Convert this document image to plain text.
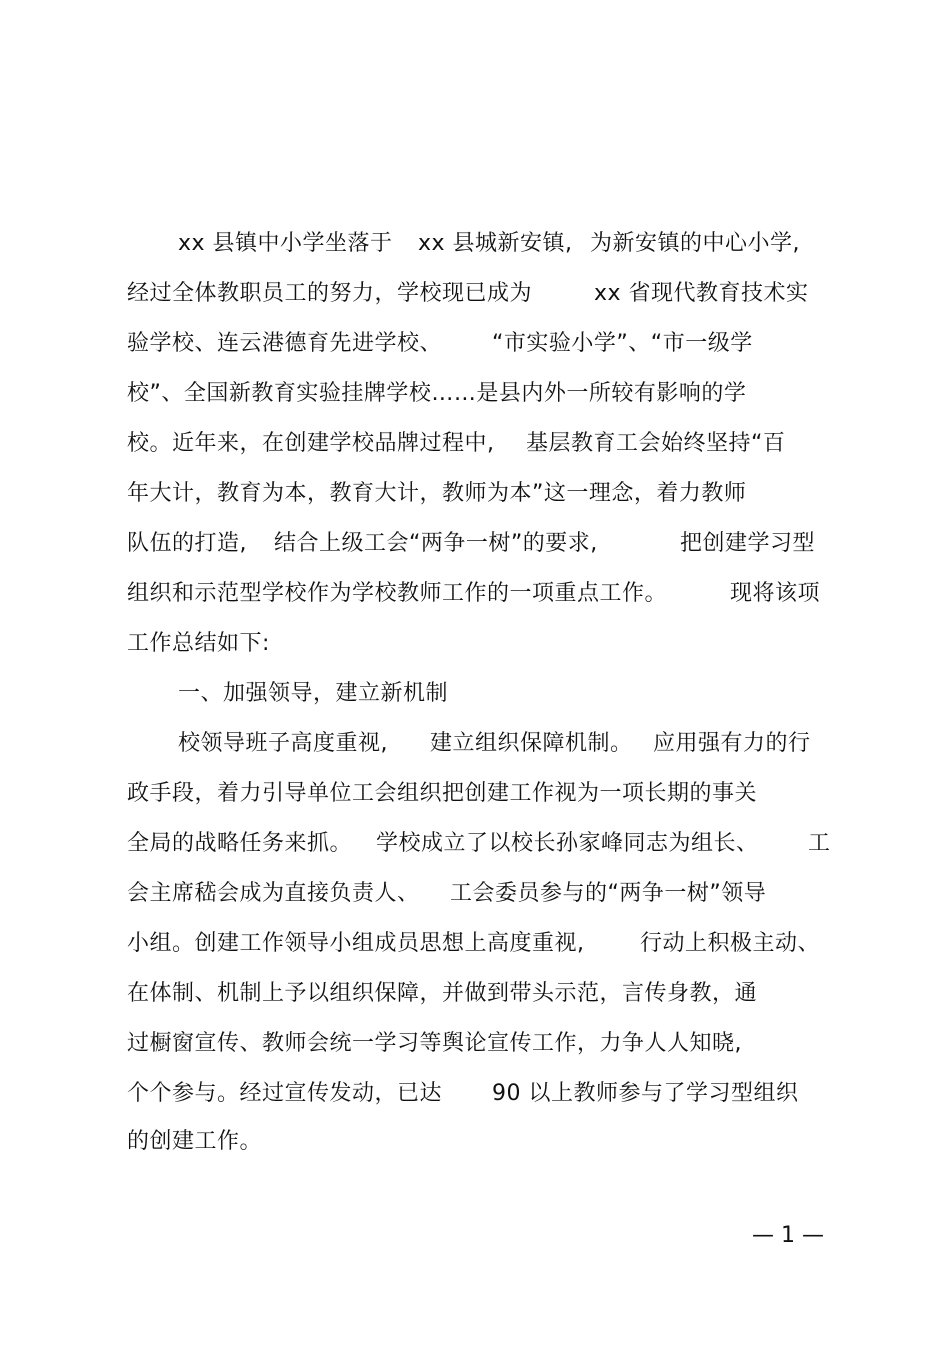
xx 县镇中小学坐落于

xx 县城新安镇,

为新安镇的中心小学,

经过全体教职员工的努力，学校现已成为

	xx 省现代教育技术实

验学校、连云港德育先进学校、

“市实验小学”、“市一级学

校”、全国新教育实验挂牌学校……是县内外一所较有影响的学

校。近年来，在创建学校品牌过程中,

基层教育工会始终坚持“百

年大计，教育为本，教育大计，教师为本”这一理念，着力教师

队伍的打造,

结合上级工会“两争一树”的要求,

	把创建学习型

组织和示范型学校作为学校教师工作的一项重点工作。

	现将该项

工作总结如下:

一、加强领导，建立新机制

校领导班子高度重视,

建立组织保障机制。

应用强有力的行

政手段，着力引导单位工会组织把创建工作视为一项长期的事关

全局的战略任务来抓。

学校成立了以校长孙家峰同志为组长、

工

会主席嵇会成为直接负责人、

工会委员参与的“两争一树”领导

小组。创建工作领导小组成员思想上高度重视,

	行动上积极主动、

在体制、机制上予以组织保障，并做到带头示范，言传身教，通

过橱窗宣传、教师会统一学习等舆论宣传工作，力争人人知晓,

个个参与。经过宣传发动，已达

90 以上教师参与了学习型组织

的创建工作。

— 1 —
